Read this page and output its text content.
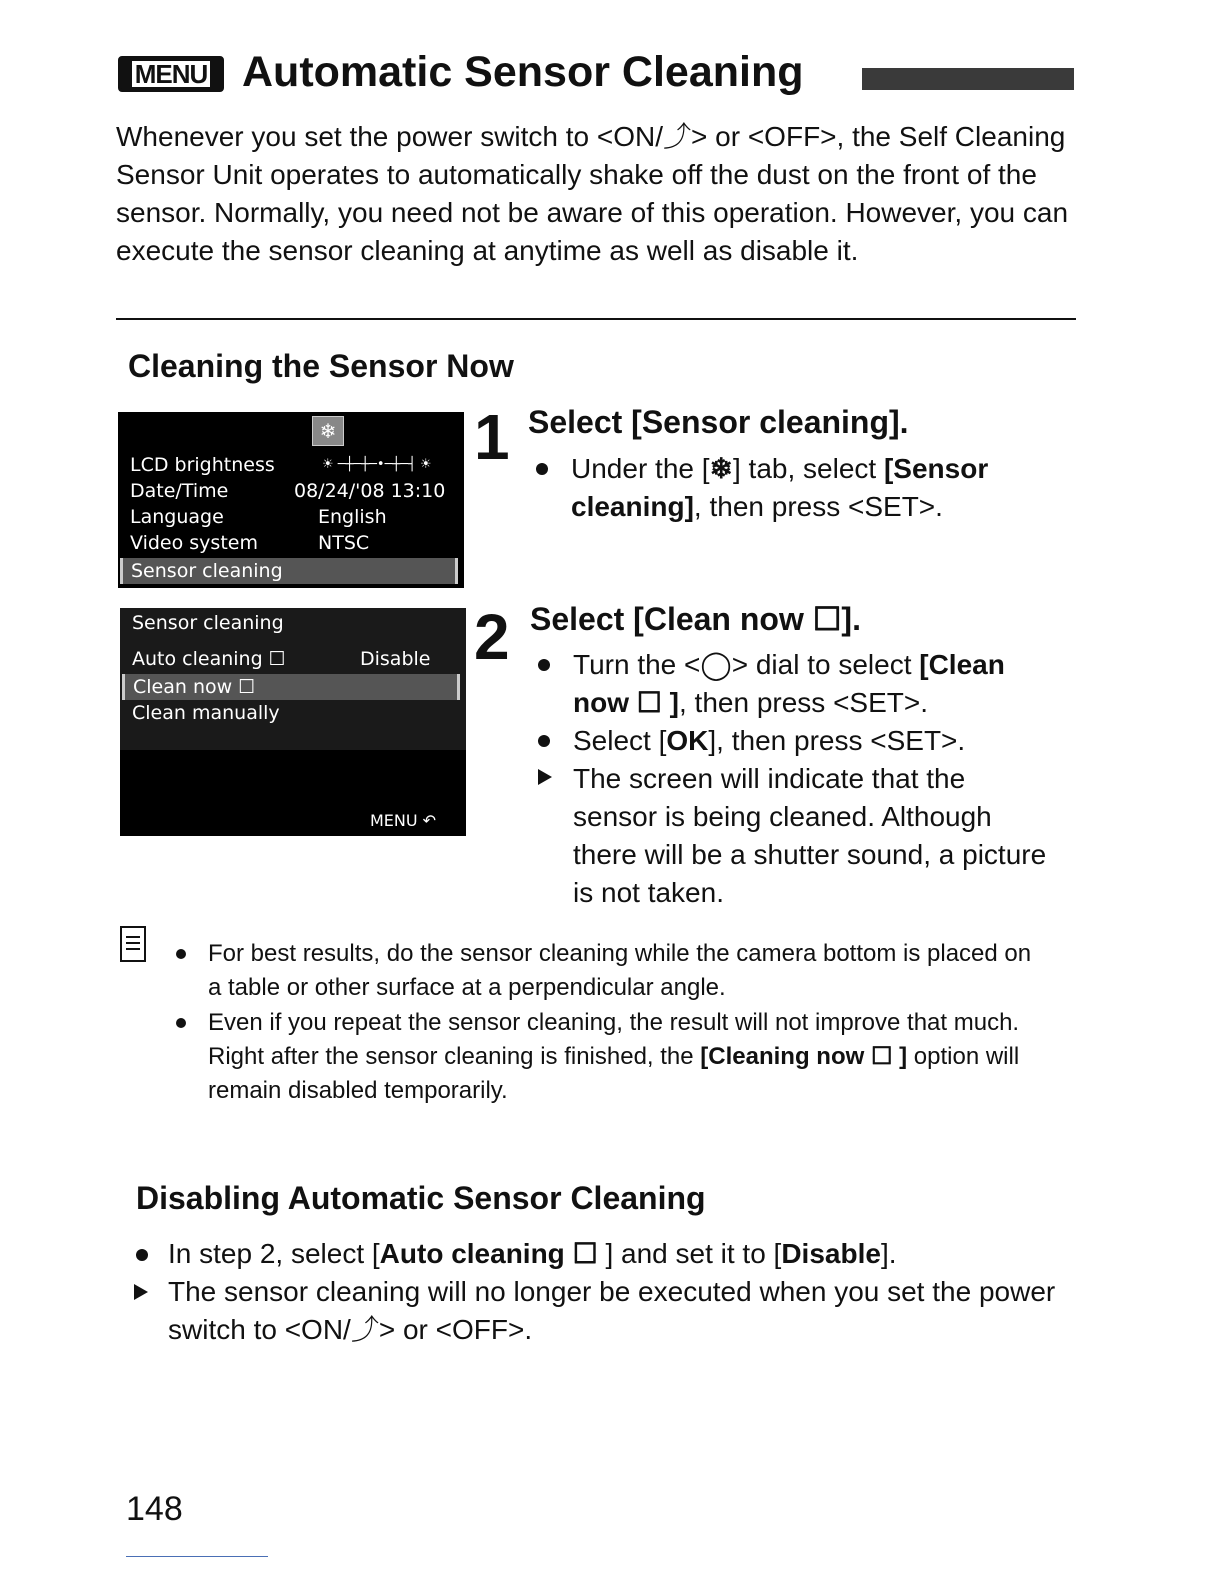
MENU Automatic Sensor Cleaning
Whenever you set the power switch to <ON/⤴> or <OFF>, the Self Cleaning Sensor Unit operates to automatically shake off the dust on the front of the sensor. Normally, you need not be aware of this operation. However, you can execute the sensor cleaning at anytime as well as disable it.
Cleaning the Sensor Now
❄
LCD brightness	☀ ─┼─┼─•─┼─┤ ☀
Date/Time	08/24/'08 13:10
Language	English
Video system	NTSC
Sensor cleaning
Sensor cleaning
Auto cleaning ☐	Disable
Clean now ☐
Clean manually
MENU ↶
1 Select [Sensor cleaning].
Under the [❄] tab, select [Sensor cleaning], then press <SET>.
2 Select [Clean now ☐].
Turn the <◯> dial to select [Clean now ☐ ], then press <SET>.
Select [OK], then press <SET>.
The screen will indicate that the sensor is being cleaned. Although there will be a shutter sound, a picture is not taken.
For best results, do the sensor cleaning while the camera bottom is placed on a table or other surface at a perpendicular angle.
Even if you repeat the sensor cleaning, the result will not improve that much. Right after the sensor cleaning is finished, the [Cleaning now ☐ ] option will remain disabled temporarily.
Disabling Automatic Sensor Cleaning
In step 2, select [Auto cleaning ☐ ] and set it to [Disable].
The sensor cleaning will no longer be executed when you set the power switch to <ON/⤴> or <OFF>.
148
